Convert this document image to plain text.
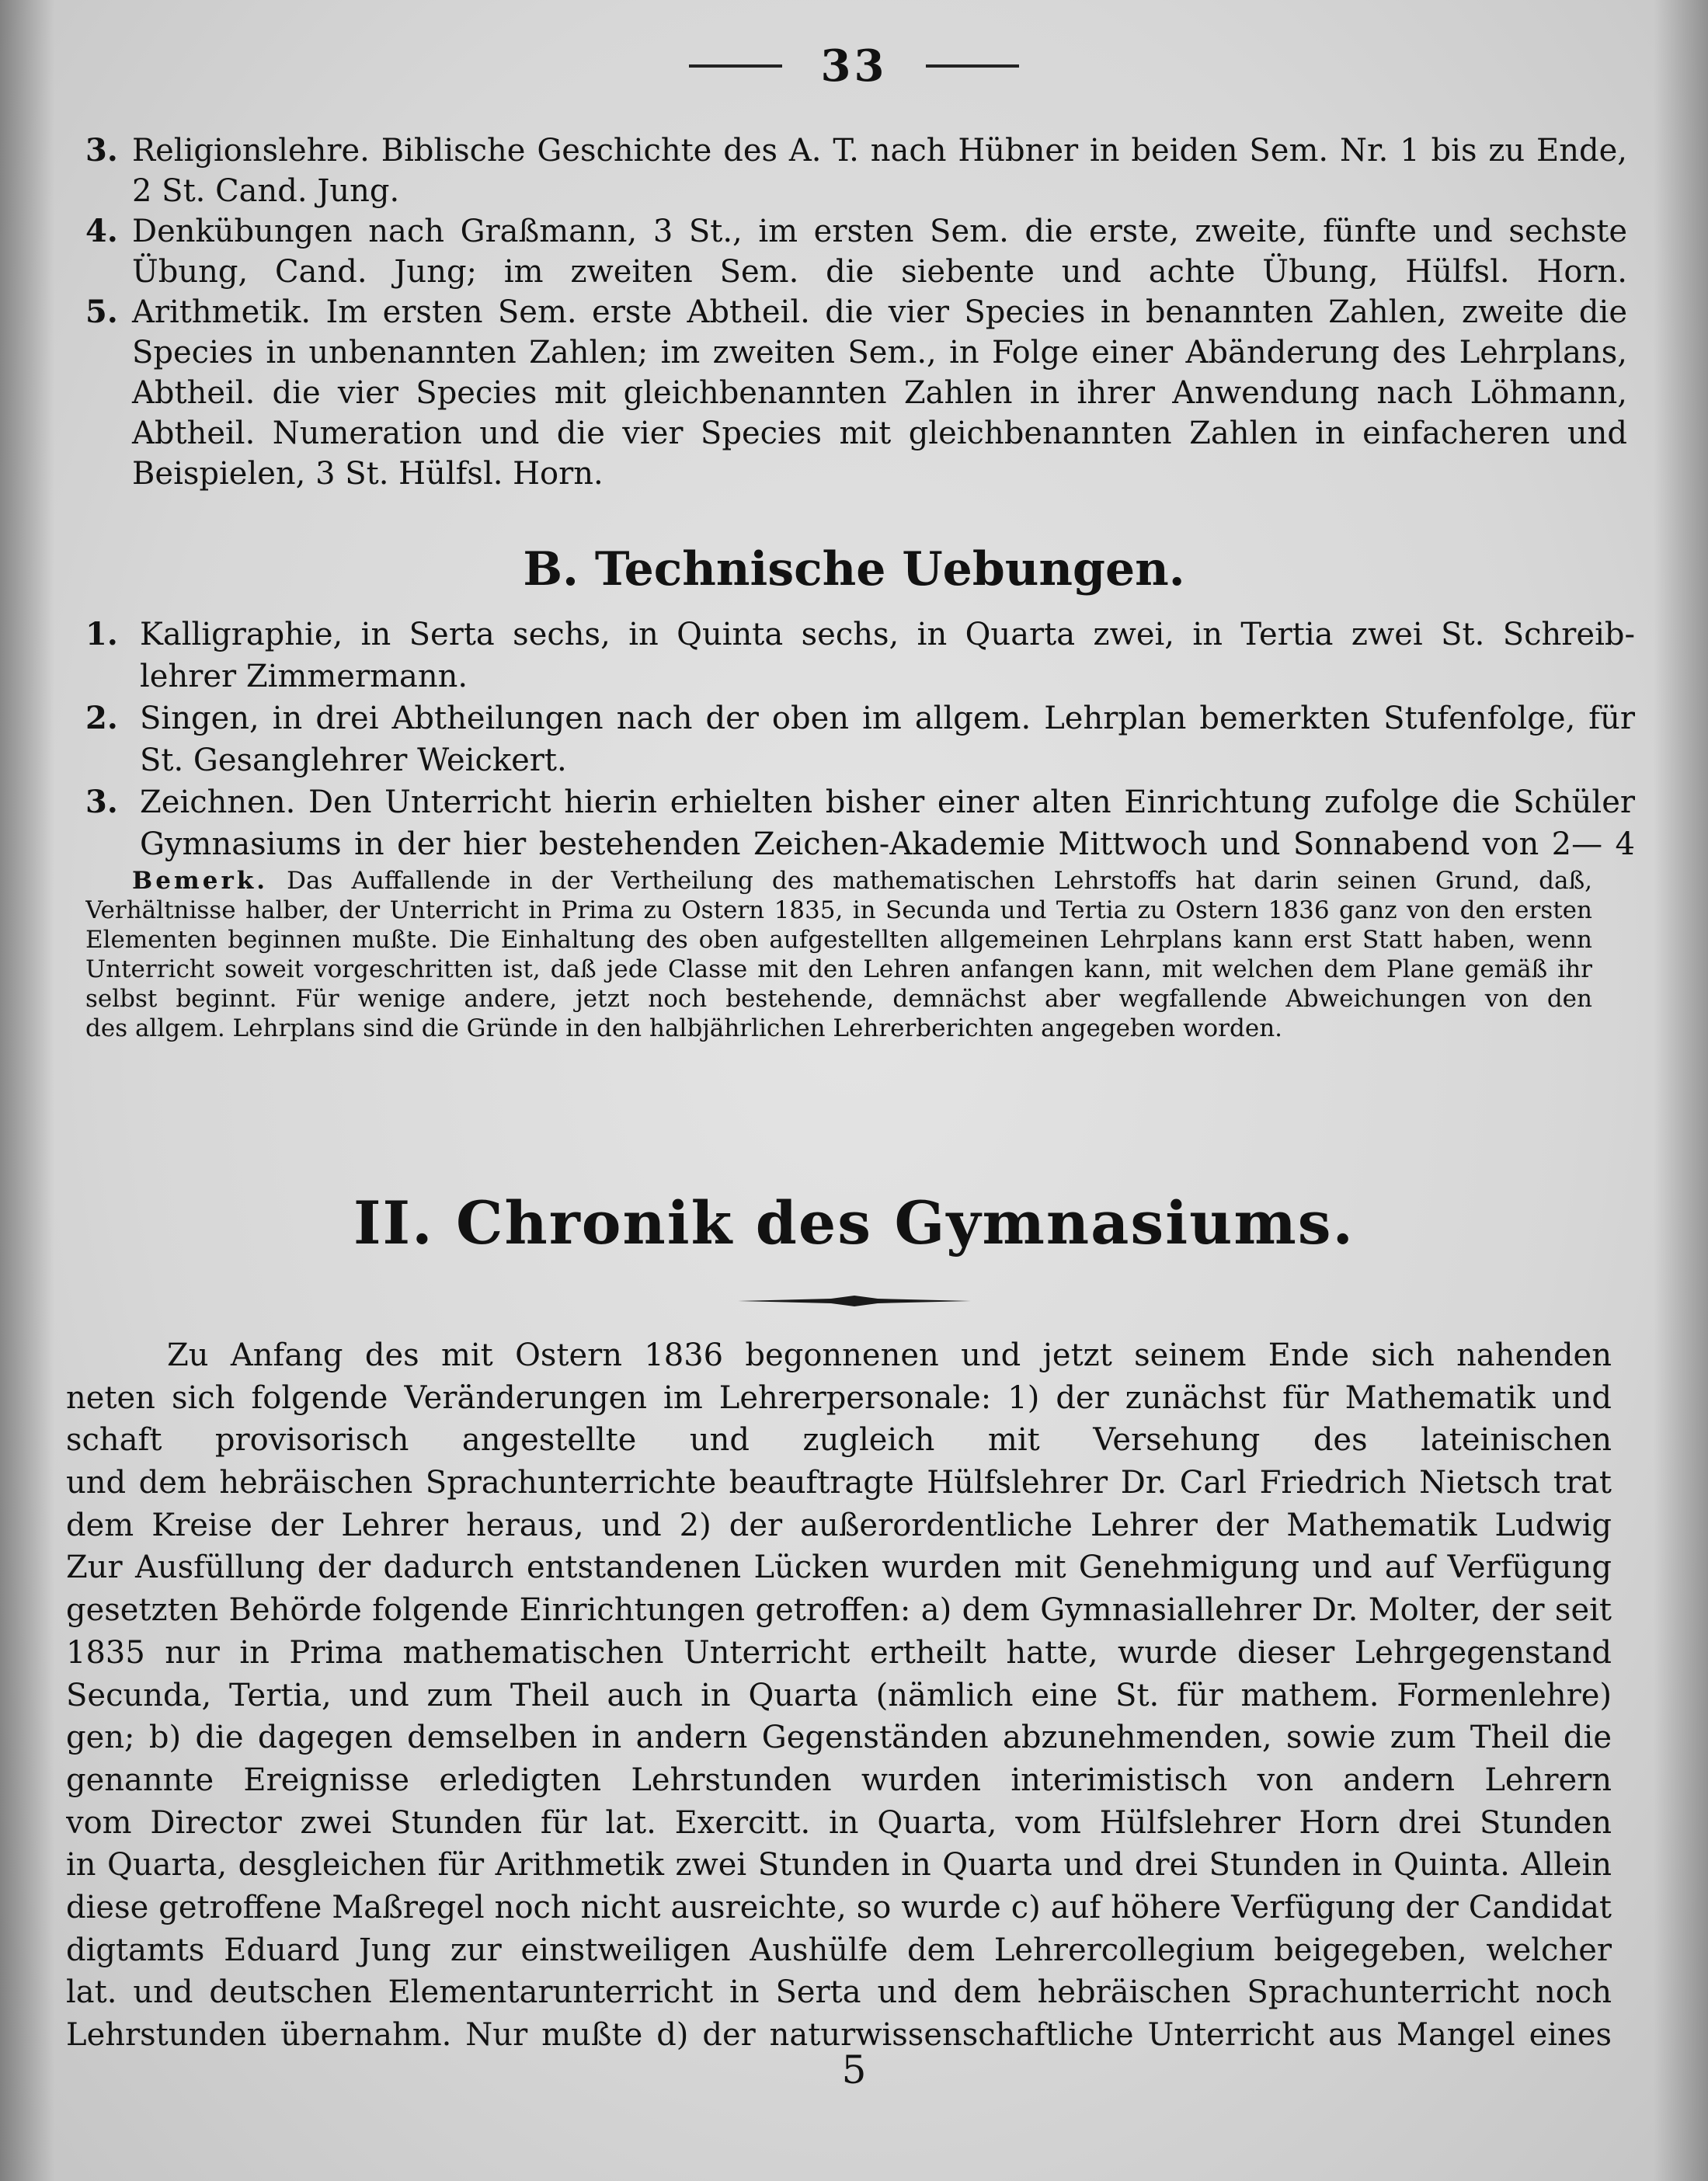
33
3. Religionslehre. Biblische Geschichte des A. T. nach Hübner in beiden Sem. Nr. 1 bis zu Ende,
2 St. Cand. Jung.
4. Denkübungen nach Graßmann, 3 St., im ersten Sem. die erste, zweite, fünfte und sechste
Übung, Cand. Jung; im zweiten Sem. die siebente und achte Übung, Hülfsl. Horn.
5. Arithmetik. Im ersten Sem. erste Abtheil. die vier Species in benannten Zahlen, zweite die
Species in unbenannten Zahlen; im zweiten Sem., in Folge einer Abänderung des Lehrplans,
Abtheil. die vier Species mit gleichbenannten Zahlen in ihrer Anwendung nach Löhmann,
Abtheil. Numeration und die vier Species mit gleichbenannten Zahlen in einfacheren und
Beispielen, 3 St. Hülfsl. Horn.
B. Technische Uebungen.
1. Kalligraphie, in Serta sechs, in Quinta sechs, in Quarta zwei, in Tertia zwei St. Schreib-
lehrer Zimmermann.
2. Singen, in drei Abtheilungen nach der oben im allgem. Lehrplan bemerkten Stufenfolge, für
St. Gesanglehrer Weickert.
3. Zeichnen. Den Unterricht hierin erhielten bisher einer alten Einrichtung zufolge die Schüler
Gymnasiums in der hier bestehenden Zeichen-Akademie Mittwoch und Sonnabend von 2— 4
Bemerk. Das Auffallende in der Vertheilung des mathematischen Lehrstoffs hat darin seinen Grund, daß,
Verhältnisse halber, der Unterricht in Prima zu Ostern 1835, in Secunda und Tertia zu Ostern 1836 ganz von den ersten
Elementen beginnen mußte. Die Einhaltung des oben aufgestellten allgemeinen Lehrplans kann erst Statt haben, wenn
Unterricht soweit vorgeschritten ist, daß jede Classe mit den Lehren anfangen kann, mit welchen dem Plane gemäß ihr
selbst beginnt. Für wenige andere, jetzt noch bestehende, demnächst aber wegfallende Abweichungen von den
des allgem. Lehrplans sind die Gründe in den halbjährlichen Lehrerberichten angegeben worden.
II. Chronik des Gymnasiums.
Zu Anfang des mit Ostern 1836 begonnenen und jetzt seinem Ende sich nahenden
neten sich folgende Veränderungen im Lehrerpersonale: 1) der zunächst für Mathematik und
schaft provisorisch angestellte und zugleich mit Versehung des lateinischen
und dem hebräischen Sprachunterrichte beauftragte Hülfslehrer Dr. Carl Friedrich Nietsch trat
dem Kreise der Lehrer heraus, und 2) der außerordentliche Lehrer der Mathematik Ludwig
Zur Ausfüllung der dadurch entstandenen Lücken wurden mit Genehmigung und auf Verfügung
gesetzten Behörde folgende Einrichtungen getroffen: a) dem Gymnasiallehrer Dr. Molter, der seit
1835 nur in Prima mathematischen Unterricht ertheilt hatte, wurde dieser Lehrgegenstand
Secunda, Tertia, und zum Theil auch in Quarta (nämlich eine St. für mathem. Formenlehre)
gen; b) die dagegen demselben in andern Gegenständen abzunehmenden, sowie zum Theil die
genannte Ereignisse erledigten Lehrstunden wurden interimistisch von andern Lehrern
vom Director zwei Stunden für lat. Exercitt. in Quarta, vom Hülfslehrer Horn drei Stunden
in Quarta, desgleichen für Arithmetik zwei Stunden in Quarta und drei Stunden in Quinta. Allein
diese getroffene Maßregel noch nicht ausreichte, so wurde c) auf höhere Verfügung der Candidat
digtamts Eduard Jung zur einstweiligen Aushülfe dem Lehrercollegium beigegeben, welcher
lat. und deutschen Elementarunterricht in Serta und dem hebräischen Sprachunterricht noch
Lehrstunden übernahm. Nur mußte d) der naturwissenschaftliche Unterricht aus Mangel eines
5
